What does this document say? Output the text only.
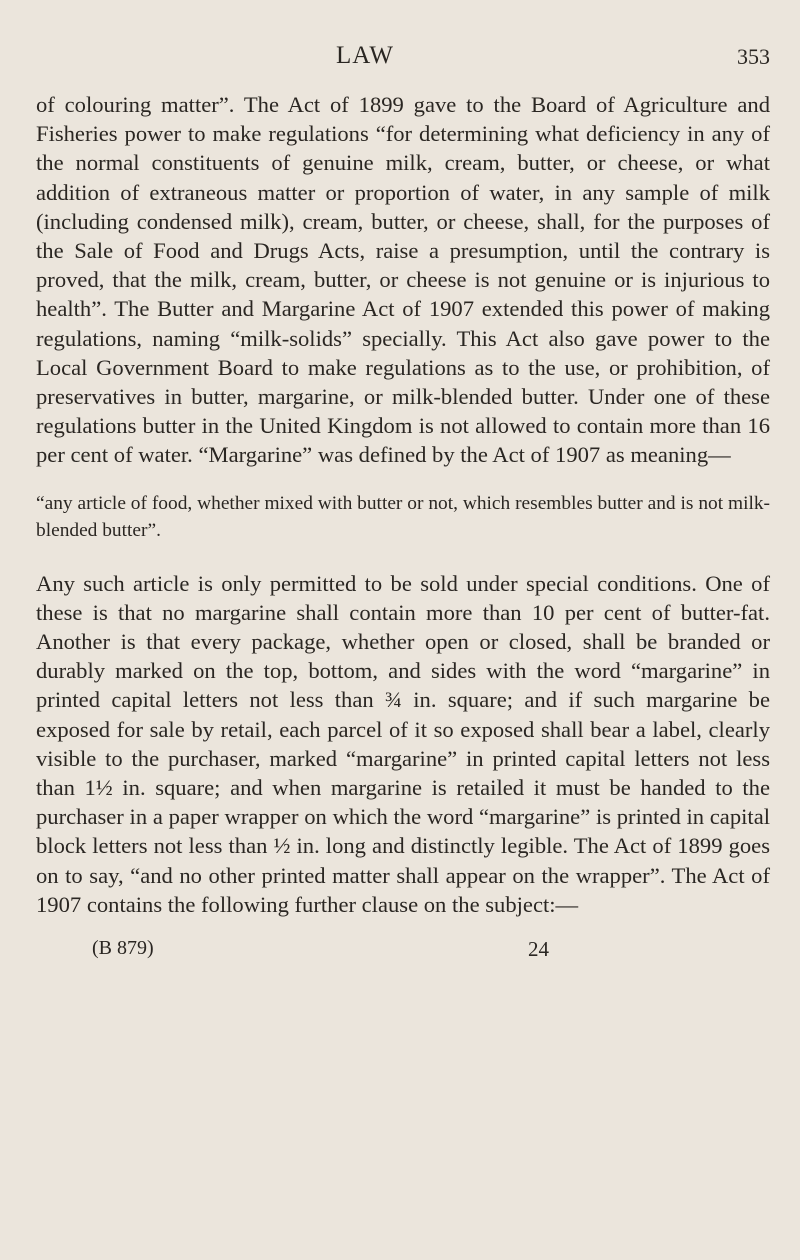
LAW	353

of colouring matter”. The Act of 1899 gave to the Board of Agriculture and Fisheries power to make regulations “for determining what deficiency in any of the normal constituents of genuine milk, cream, butter, or cheese, or what addition of extraneous matter or proportion of water, in any sample of milk (including condensed milk), cream, butter, or cheese, shall, for the purposes of the Sale of Food and Drugs Acts, raise a presumption, until the contrary is proved, that the milk, cream, butter, or cheese is not genuine or is injurious to health”. The Butter and Margarine Act of 1907 extended this power of making regulations, naming “milk-solids” specially. This Act also gave power to the Local Government Board to make regulations as to the use, or prohibition, of preservatives in butter, margarine, or milk-blended butter. Under one of these regulations butter in the United Kingdom is not allowed to contain more than 16 per cent of water. “Margarine” was defined by the Act of 1907 as meaning—

“any article of food, whether mixed with butter or not, which resembles butter and is not milk-blended butter”.

Any such article is only permitted to be sold under special conditions. One of these is that no margarine shall contain more than 10 per cent of butter-fat. Another is that every package, whether open or closed, shall be branded or durably marked on the top, bottom, and sides with the word “margarine” in printed capital letters not less than ¾ in. square; and if such margarine be exposed for sale by retail, each parcel of it so exposed shall bear a label, clearly visible to the purchaser, marked “margarine” in printed capital letters not less than 1½ in. square; and when margarine is retailed it must be handed to the purchaser in a paper wrapper on which the word “margarine” is printed in capital block letters not less than ½ in. long and distinctly legible. The Act of 1899 goes on to say, “and no other printed matter shall appear on the wrapper”. The Act of 1907 contains the following further clause on the subject:—

(B 879)	24
